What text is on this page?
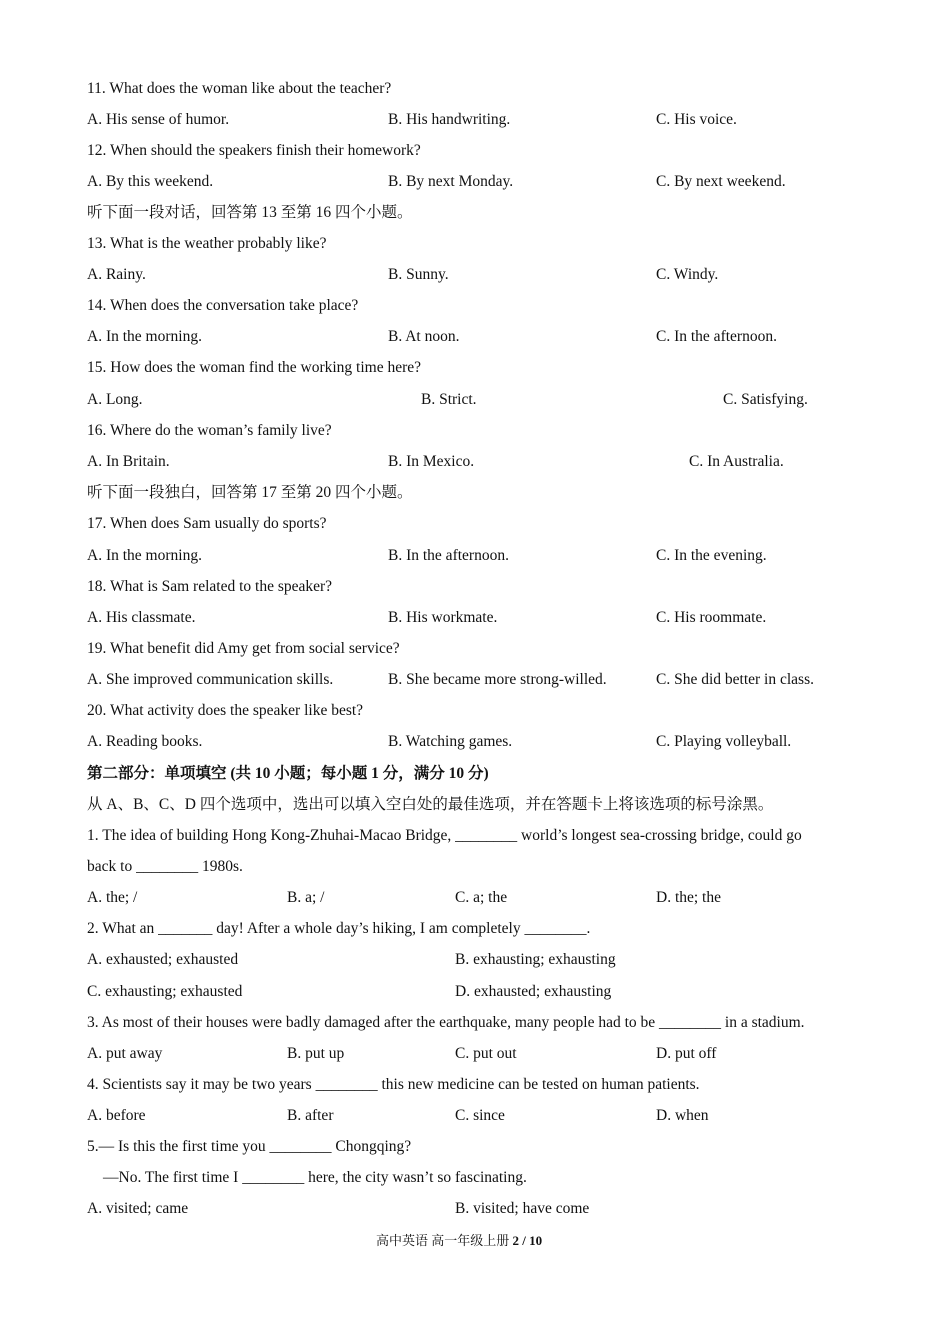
11. What does the woman like about the teacher?
A. His sense of humor.	B. His handwriting.	C. His voice.
12. When should the speakers finish their homework?
A. By this weekend.	B. By next Monday.	C. By next weekend.
听下面一段对话，回答第 13 至第 16 四个小题。
13. What is the weather probably like?
A. Rainy.	B. Sunny.	C. Windy.
14. When does the conversation take place?
A. In the morning.	B. At noon.	C. In the afternoon.
15. How does the woman find the working time here?
A. Long.	B. Strict.	C. Satisfying.
16. Where do the woman’s family live?
A. In Britain.	B. In Mexico.	C. In Australia.
听下面一段独白，回答第 17 至第 20 四个小题。
17. When does Sam usually do sports?
A. In the morning.	B. In the afternoon.	C. In the evening.
18. What is Sam related to the speaker?
A. His classmate.	B. His workmate.	C. His roommate.
19. What benefit did Amy get from social service?
A. She improved communication skills.	B. She became more strong-willed.	C. She did better in class.
20. What activity does the speaker like best?
A. Reading books.	B. Watching games.	C. Playing volleyball.
第二部分：单项填空 (共 10 小题；每小题 1 分，满分 10 分)
从 A、B、C、D 四个选项中，选出可以填入空白处的最佳选项，并在答题卡上将该选项的标号涂黑。
1. The idea of building Hong Kong-Zhuhai-Macao Bridge, ________ world’s longest sea-crossing bridge, could go
back to ________ 1980s.
A. the; /	B. a; /	C. a; the	D. the; the
2. What an _______ day! After a whole day’s hiking, I am completely ________.
A. exhausted; exhausted	B. exhausting; exhausting
C. exhausting; exhausted	D. exhausted; exhausting
3. As most of their houses were badly damaged after the earthquake, many people had to be ________ in a stadium.
A. put away	B. put up	C. put out	D. put off
4. Scientists say it may be two years ________ this new medicine can be tested on human patients.
A. before	B. after	C. since	D. when
5.— Is this the first time you ________ Chongqing?
—No. The first time I ________ here, the city wasn’t so fascinating.
A. visited; came	B. visited; have come
高中英语 高一年级上册 2 / 10
